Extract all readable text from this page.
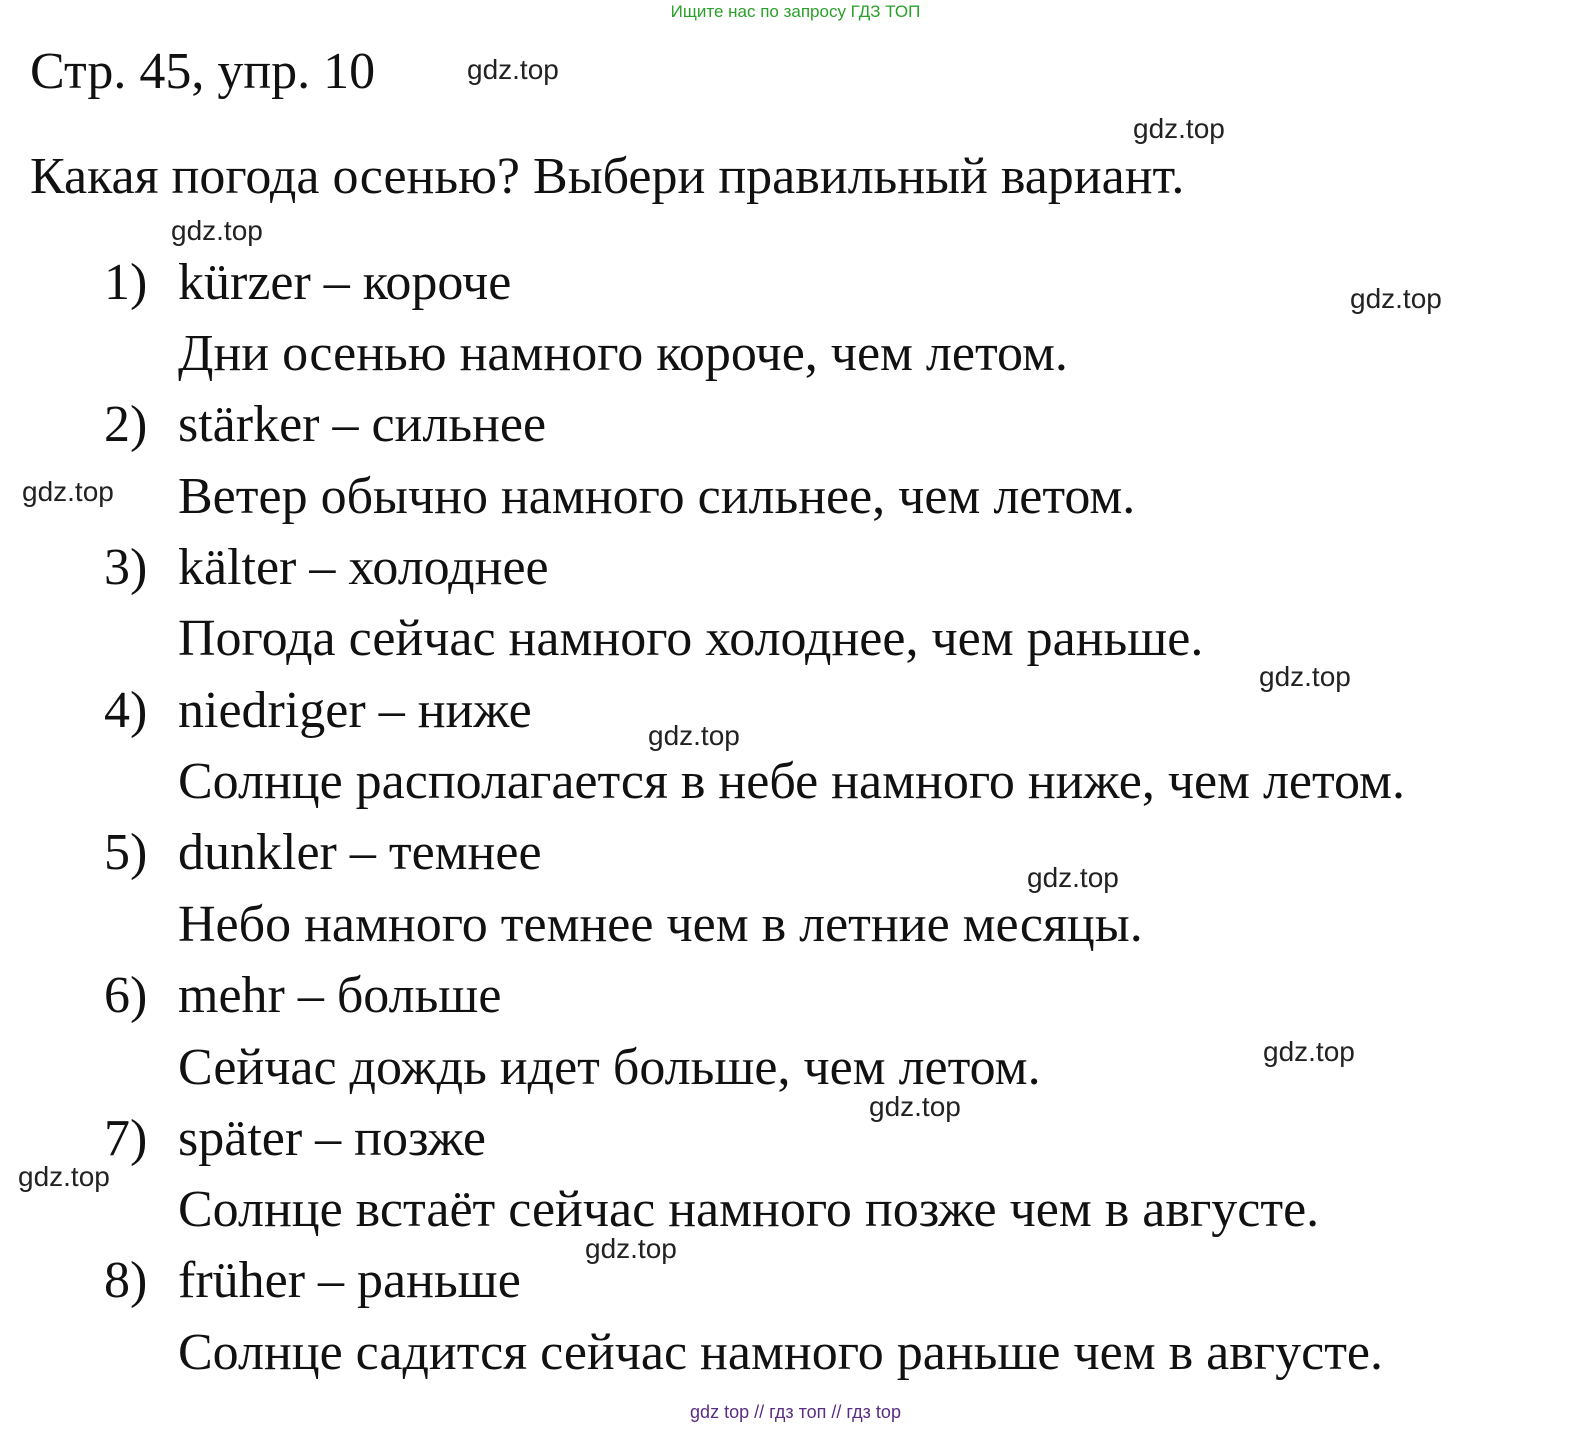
Ищите нас по запросу ГДЗ ТОП
Стр. 45, упр. 10
Какая погода осенью? Выбери правильный вариант.
1) kürzer – короче
Дни осенью намного короче, чем летом.
2) stärker – сильнее
Ветер обычно намного сильнее, чем летом.
3) kälter – холоднее
Погода сейчас намного холоднее, чем раньше.
4) niedriger – ниже
Солнце располагается в небе намного ниже, чем летом.
5) dunkler – темнее
Небо намного темнее чем в летние месяцы.
6) mehr – больше
Сейчас дождь идет больше, чем летом.
7) später – позже
Солнце встаёт сейчас намного позже чем в августе.
8) früher – раньше
Солнце садится сейчас намного раньше чем в августе.
gdz.top
gdz.top
gdz.top
gdz.top
gdz.top
gdz.top
gdz.top
gdz.top
gdz.top
gdz.top
gdz.top
gdz.top
gdz top // гдз топ // гдз top
